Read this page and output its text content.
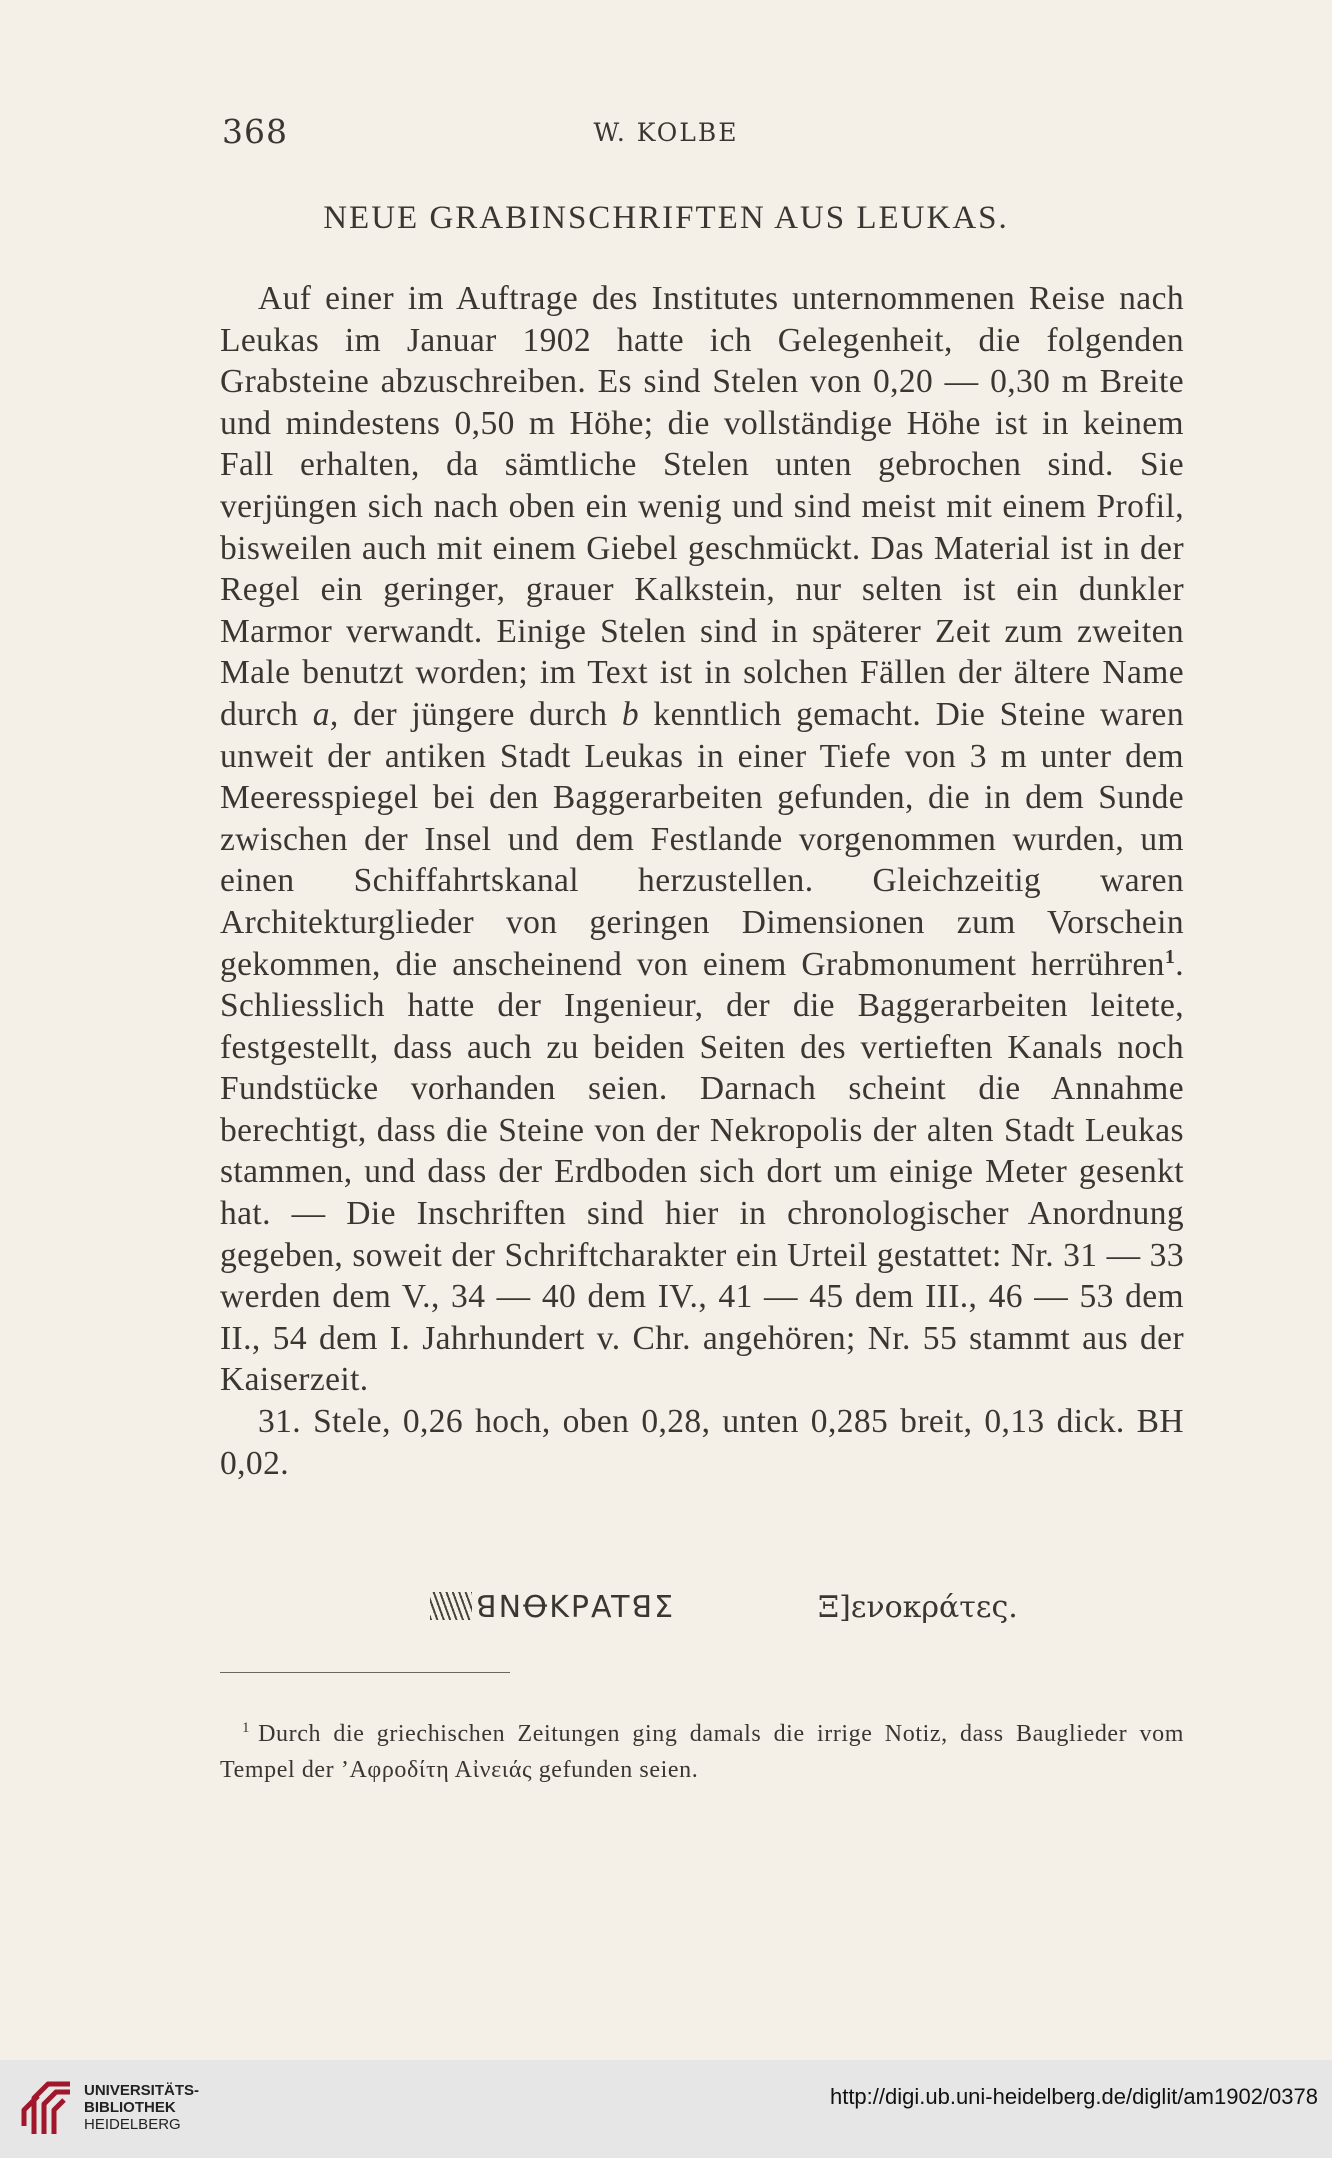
368	W. KOLBE
NEUE GRABINSCHRIFTEN AUS LEUKAS.

Auf einer im Auftrage des Institutes unternommenen Reise nach Leukas im Januar 1902 hatte ich Gelegenheit, die folgenden Grabsteine abzuschreiben. Es sind Stelen von 0,20 — 0,30 m Breite und mindestens 0,50 m Höhe; die vollständige Höhe ist in keinem Fall erhalten, da sämtliche Stelen unten gebrochen sind. Sie verjüngen sich nach oben ein wenig und sind meist mit einem Profil, bisweilen auch mit einem Giebel geschmückt. Das Material ist in der Regel ein geringer, grauer Kalkstein, nur selten ist ein dunkler Marmor verwandt. Einige Stelen sind in späterer Zeit zum zweiten Male benutzt worden; im Text ist in solchen Fällen der ältere Name durch a, der jüngere durch b kenntlich gemacht. Die Steine waren unweit der antiken Stadt Leukas in einer Tiefe von 3 m unter dem Meeresspiegel bei den Baggerarbeiten gefunden, die in dem Sunde zwischen der Insel und dem Festlande vorgenommen wurden, um einen Schiffahrtskanal herzustellen. Gleichzeitig waren Architekturglieder von geringen Dimensionen zum Vorschein gekommen, die anscheinend von einem Grabmonument herrühren$^1$. Schliesslich hatte der Ingenieur, der die Baggerarbeiten leitete, festgestellt, dass auch zu beiden Seiten des vertieften Kanals noch Fundstücke vorhanden seien. Darnach scheint die Annahme berechtigt, dass die Steine von der Nekropolis der alten Stadt Leukas stammen, und dass der Erdboden sich dort um einige Meter gesenkt hat. — Die Inschriften sind hier in chronologischer Anordnung gegeben, soweit der Schriftcharakter ein Urteil gestattet: Nr. 31 — 33 werden dem V., 34 — 40 dem IV., 41 — 45 dem III., 46 — 53 dem II., 54 dem I. Jahrhundert v. Chr. angehören; Nr. 55 stammt aus der Kaiserzeit.

31. Stele, 0,26 hoch, oben 0,28, unten 0,285 breit, 0,13 dick. BH 0,02.

ꓭNꝊKꓑATꓭΣ	Ξ]ενοκράτες.
$^1$ Durch die griechischen Zeitungen ging damals die irrige Notiz, dass Bauglieder vom Tempel der ’Αφροδίτη Αἰνειάς gefunden seien.
UNIVERSITÄTS-
BIBLIOTHEK
HEIDELBERG
http://digi.ub.uni-heidelberg.de/diglit/am1902/0378
